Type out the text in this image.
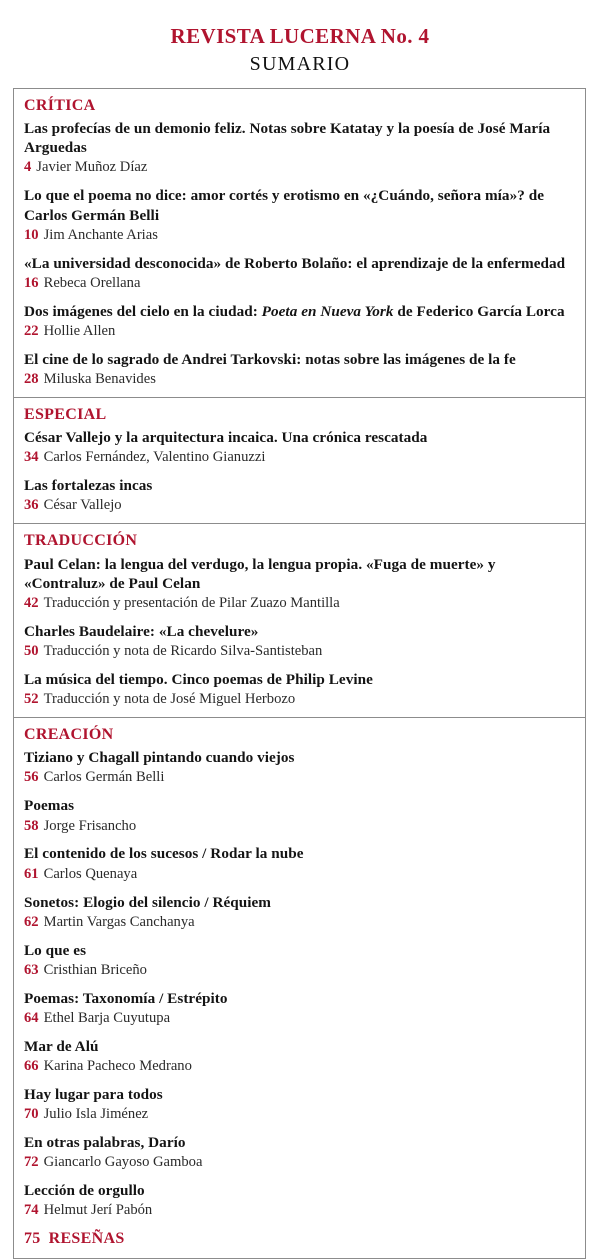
REVISTA LUCERNA No. 4
SUMARIO
CRÍTICA
Las profecías de un demonio feliz. Notas sobre Katatay y la poesía de José María Arguedas
4 Javier Muñoz Díaz
Lo que el poema no dice: amor cortés y erotismo en «¿Cuándo, señora mía»? de Carlos Germán Belli
10 Jim Anchante Arias
«La universidad desconocida» de Roberto Bolaño: el aprendizaje de la enfermedad
16 Rebeca Orellana
Dos imágenes del cielo en la ciudad: Poeta en Nueva York de Federico García Lorca
22 Hollie Allen
El cine de lo sagrado de Andrei Tarkovski: notas sobre las imágenes de la fe
28 Miluska Benavides
ESPECIAL
César Vallejo y la arquitectura incaica. Una crónica rescatada
34 Carlos Fernández, Valentino Gianuzzi
Las fortalezas incas
36 César Vallejo
TRADUCCIÓN
Paul Celan: la lengua del verdugo, la lengua propia. «Fuga de muerte» y «Contraluz» de Paul Celan
42 Traducción y presentación de Pilar Zuazo Mantilla
Charles Baudelaire: «La chevelure»
50 Traducción y nota de Ricardo Silva-Santisteban
La música del tiempo. Cinco poemas de Philip Levine
52 Traducción y nota de José Miguel Herbozo
CREACIÓN
Tiziano y Chagall pintando cuando viejos
56 Carlos Germán Belli
Poemas
58 Jorge Frisancho
El contenido de los sucesos / Rodar la nube
61 Carlos Quenaya
Sonetos: Elogio del silencio / Réquiem
62 Martin Vargas Canchanya
Lo que es
63 Cristhian Briceño
Poemas: Taxonomía / Estrépito
64 Ethel Barja Cuyutupa
Mar de Alú
66 Karina Pacheco Medrano
Hay lugar para todos
70 Julio Isla Jiménez
En otras palabras, Darío
72 Giancarlo Gayoso Gamboa
Lección de orgullo
74 Helmut Jerí Pabón
75 RESEÑAS
